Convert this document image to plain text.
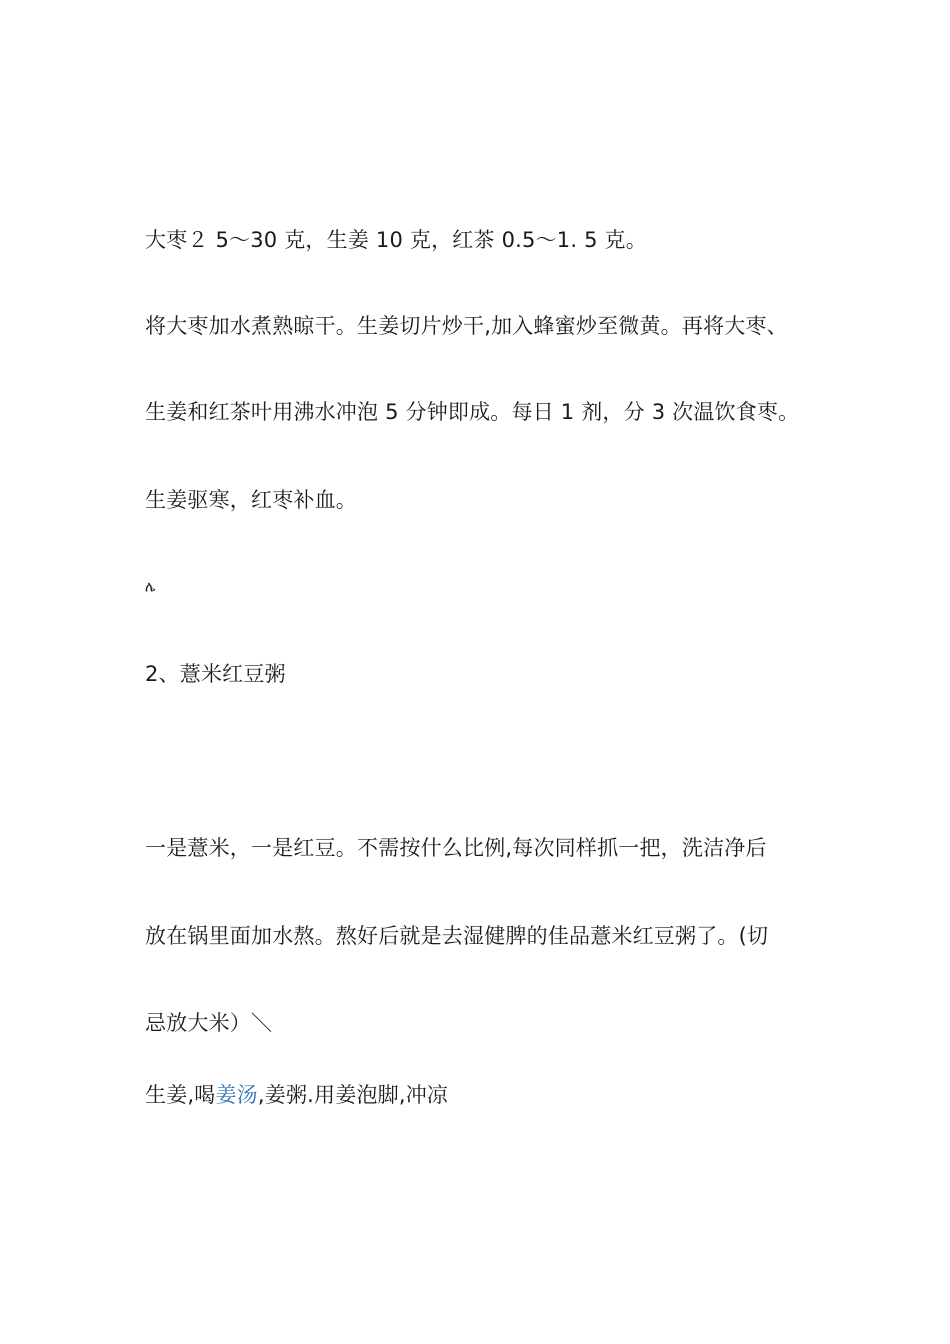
大枣２ 5～30 克，生姜 10 克，红茶 0.5～1. 5 克。
将大枣加水煮熟晾干。生姜切片炒干,加入蜂蜜炒至微黄。再将大枣、
生姜和红茶叶用沸水冲泡 5 分钟即成。每日 1 剂，分 3 次温饮食枣。
生姜驱寒，红枣补血。
ሌ
2、薏米红豆粥
一是薏米，一是红豆。不需按什么比例,每次同样抓一把，洗洁净后
放在锅里面加水熬。熬好后就是去湿健脾的佳品薏米红豆粥了。(切
忌放大米）＼
生姜,喝姜汤,姜粥.用姜泡脚,冲凉
